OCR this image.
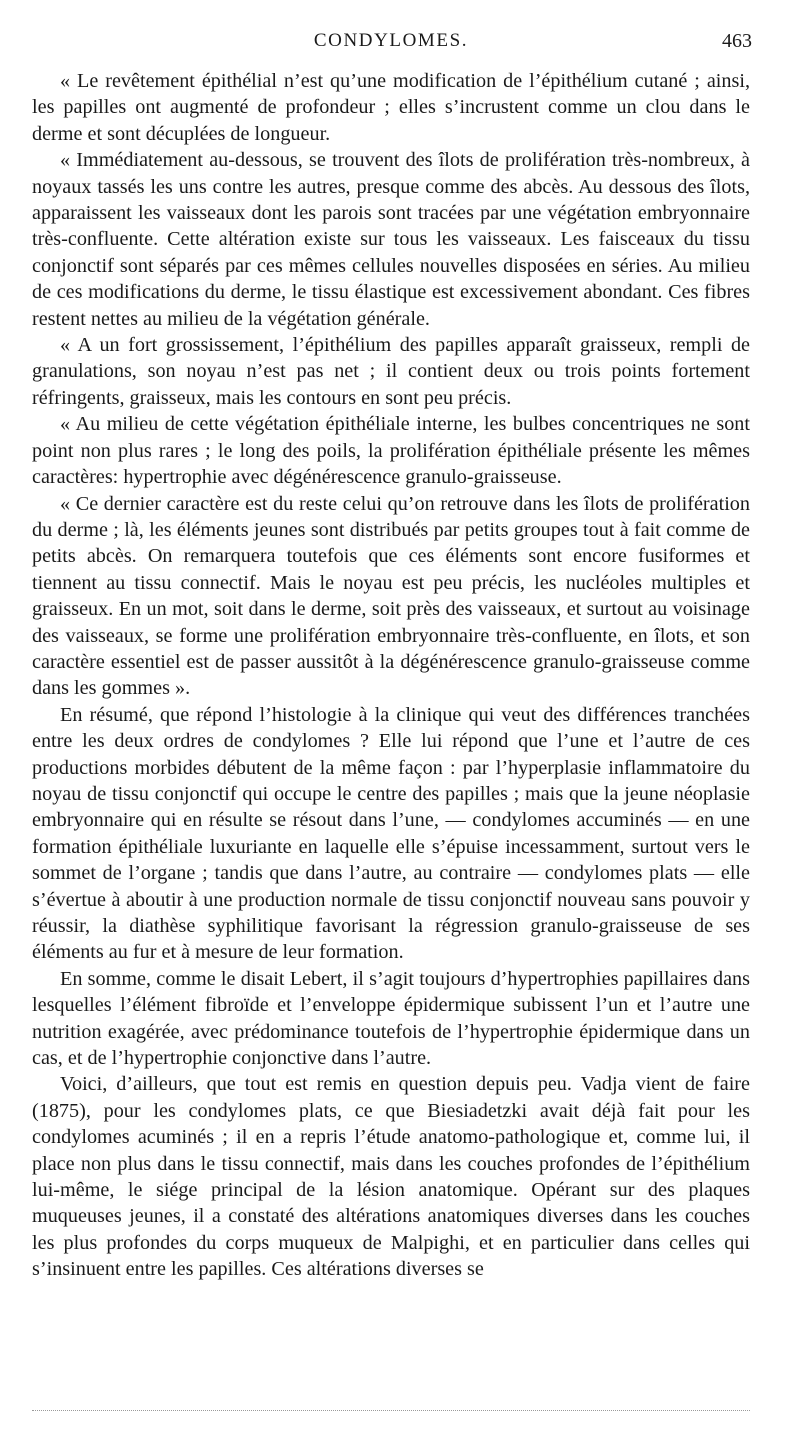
CONDYLOMES.	463

« Le revêtement épithélial n’est qu’une modification de l’épithélium cutané ; ainsi, les papilles ont augmenté de profondeur ; elles s’incrustent comme un clou dans le derme et sont décuplées de longueur.

« Immédiatement au-dessous, se trouvent des îlots de prolifération très-nombreux, à noyaux tassés les uns contre les autres, presque comme des abcès. Au dessous des îlots, apparaissent les vaisseaux dont les parois sont tracées par une végétation embryonnaire très-confluente. Cette altération existe sur tous les vaisseaux. Les faisceaux du tissu conjonctif sont séparés par ces mêmes cellules nouvelles disposées en séries. Au milieu de ces modifications du derme, le tissu élastique est excessivement abondant. Ces fibres restent nettes au milieu de la végétation générale.

« A un fort grossissement, l’épithélium des papilles apparaît graisseux, rempli de granulations, son noyau n’est pas net ; il contient deux ou trois points fortement réfringents, graisseux, mais les contours en sont peu précis.

« Au milieu de cette végétation épithéliale interne, les bulbes concentriques ne sont point non plus rares ; le long des poils, la prolifération épithéliale présente les mêmes caractères: hypertrophie avec dégénérescence granulo-graisseuse.

« Ce dernier caractère est du reste celui qu’on retrouve dans les îlots de prolifération du derme ; là, les éléments jeunes sont distribués par petits groupes tout à fait comme de petits abcès. On remarquera toutefois que ces éléments sont encore fusiformes et tiennent au tissu connectif. Mais le noyau est peu précis, les nucléoles multiples et graisseux. En un mot, soit dans le derme, soit près des vaisseaux, et surtout au voisinage des vaisseaux, se forme une prolifération embryonnaire très-confluente, en îlots, et son caractère essentiel est de passer aussitôt à la dégénérescence granulo-graisseuse comme dans les gommes ».

En résumé, que répond l’histologie à la clinique qui veut des différences tranchées entre les deux ordres de condylomes ? Elle lui répond que l’une et l’autre de ces productions morbides débutent de la même façon : par l’hyperplasie inflammatoire du noyau de tissu conjonctif qui occupe le centre des papilles ; mais que la jeune néoplasie embryonnaire qui en résulte se résout dans l’une, — condylomes accuminés — en une formation épithéliale luxuriante en laquelle elle s’épuise incessamment, surtout vers le sommet de l’organe ; tandis que dans l’autre, au contraire — condylomes plats — elle s’évertue à aboutir à une production normale de tissu conjonctif nouveau sans pouvoir y réussir, la diathèse syphilitique favorisant la régression granulo-graisseuse de ses éléments au fur et à mesure de leur formation.

En somme, comme le disait Lebert, il s’agit toujours d’hypertrophies papillaires dans lesquelles l’élément fibroïde et l’enveloppe épidermique subissent l’un et l’autre une nutrition exagérée, avec prédominance toutefois de l’hypertrophie épidermique dans un cas, et de l’hypertrophie conjonctive dans l’autre.

Voici, d’ailleurs, que tout est remis en question depuis peu. Vadja vient de faire (1875), pour les condylomes plats, ce que Biesiadetzki avait déjà fait pour les condylomes acuminés ; il en a repris l’étude anatomo-pathologique et, comme lui, il place non plus dans le tissu connectif, mais dans les couches profondes de l’épithélium lui-même, le siége principal de la lésion anatomique. Opérant sur des plaques muqueuses jeunes, il a constaté des altérations anatomiques diverses dans les couches les plus profondes du corps muqueux de Malpighi, et en particulier dans celles qui s’insinuent entre les papilles. Ces altérations diverses se
